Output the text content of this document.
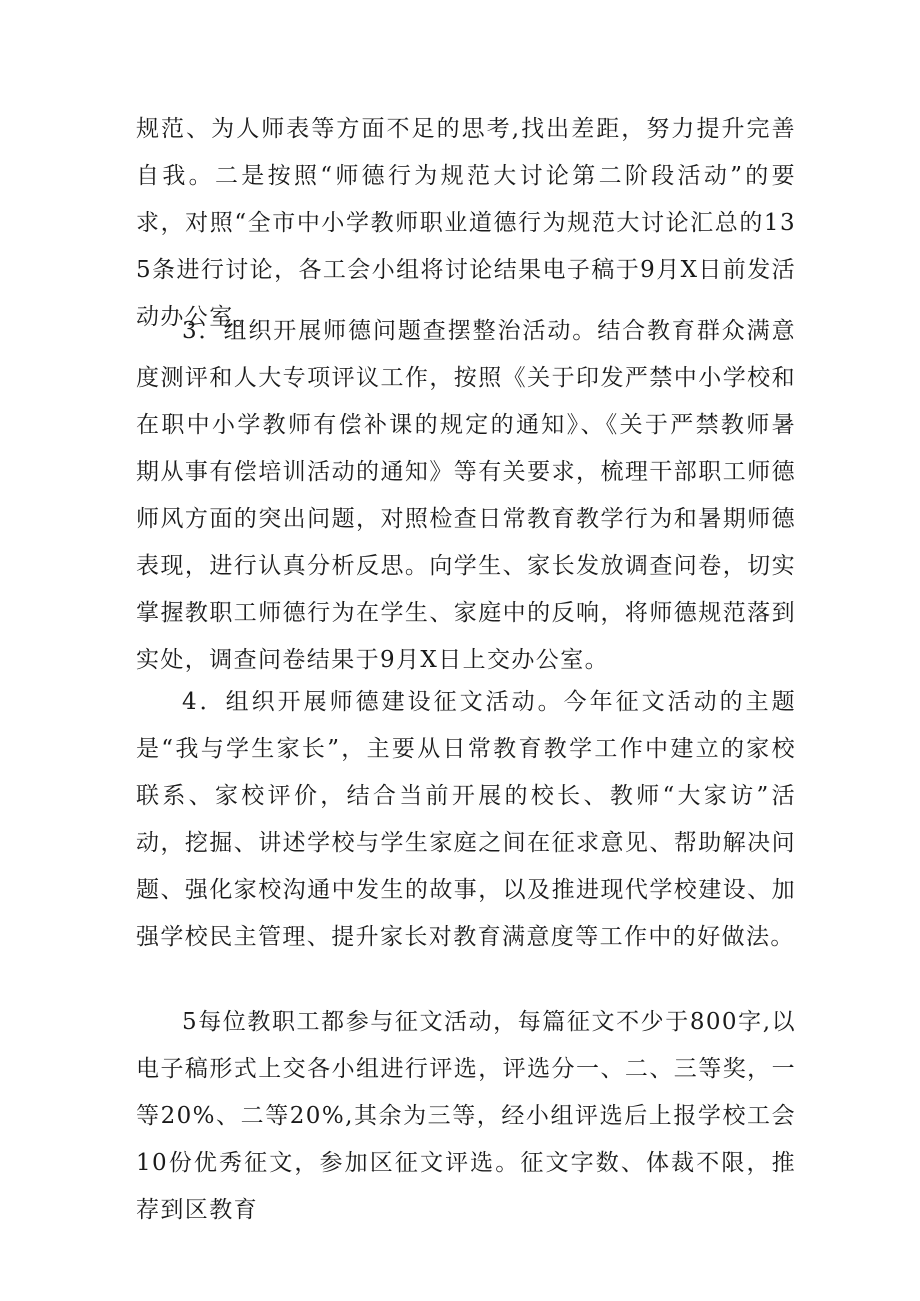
规范、为人师表等方面不足的思考,找出差距，努力提升完善自我。二是按照“师德行为规范大讨论第二阶段活动”的要求，对照“全市中小学教师职业道德行为规范大讨论汇总的135条进行讨论，各工会小组将讨论结果电子稿于9月X日前发活动办公室。

3．组织开展师德问题查摆整治活动。结合教育群众满意度测评和人大专项评议工作，按照《关于印发严禁中小学校和在职中小学教师有偿补课的规定的通知》、《关于严禁教师暑期从事有偿培训活动的通知》等有关要求，梳理干部职工师德师风方面的突出问题，对照检查日常教育教学行为和暑期师德表现，进行认真分析反思。向学生、家长发放调查问卷，切实掌握教职工师德行为在学生、家庭中的反响，将师德规范落到实处，调查问卷结果于9月X日上交办公室。

4．组织开展师德建设征文活动。今年征文活动的主题是“我与学生家长”，主要从日常教育教学工作中建立的家校联系、家校评价，结合当前开展的校长、教师“大家访”活动，挖掘、讲述学校与学生家庭之间在征求意见、帮助解决问题、强化家校沟通中发生的故事，以及推进现代学校建设、加强学校民主管理、提升家长对教育满意度等工作中的好做法。

5每位教职工都参与征文活动，每篇征文不少于800字,以电子稿形式上交各小组进行评选，评选分一、二、三等奖，一等20%、二等20%,其余为三等，经小组评选后上报学校工会10份优秀征文，参加区征文评选。征文字数、体裁不限，推荐到区教育
